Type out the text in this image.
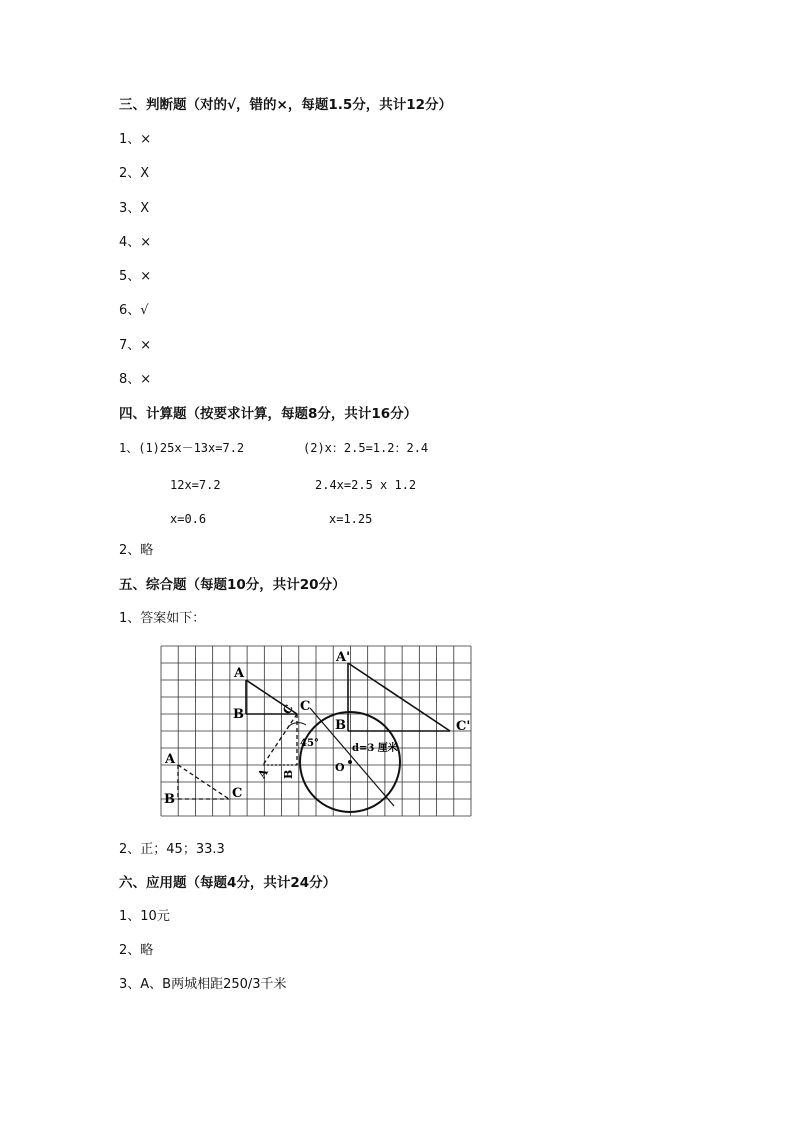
三、判断题（对的√，错的×，每题1.5分，共计12分）
1、×
2、X
3、X
4、×
5、×
6、√
7、×
8、×
四、计算题（按要求计算，每题8分，共计16分）
1、(1)25x－13x=7.2	(2)x：2.5=1.2：2.4
12x=7.2	2.4x=2.5 x 1.2
x=0.6	x=1.25
2、略
五、综合题（每题10分，共计20分）
1、答案如下：
A
B
C
A
B	C
A B
C
A'
B	C'
45°
O
d=3 厘米
2、正；45；33.3
六、应用题（每题4分，共计24分）
1、10元
2、略
3、A、B两城相距250/3千米
